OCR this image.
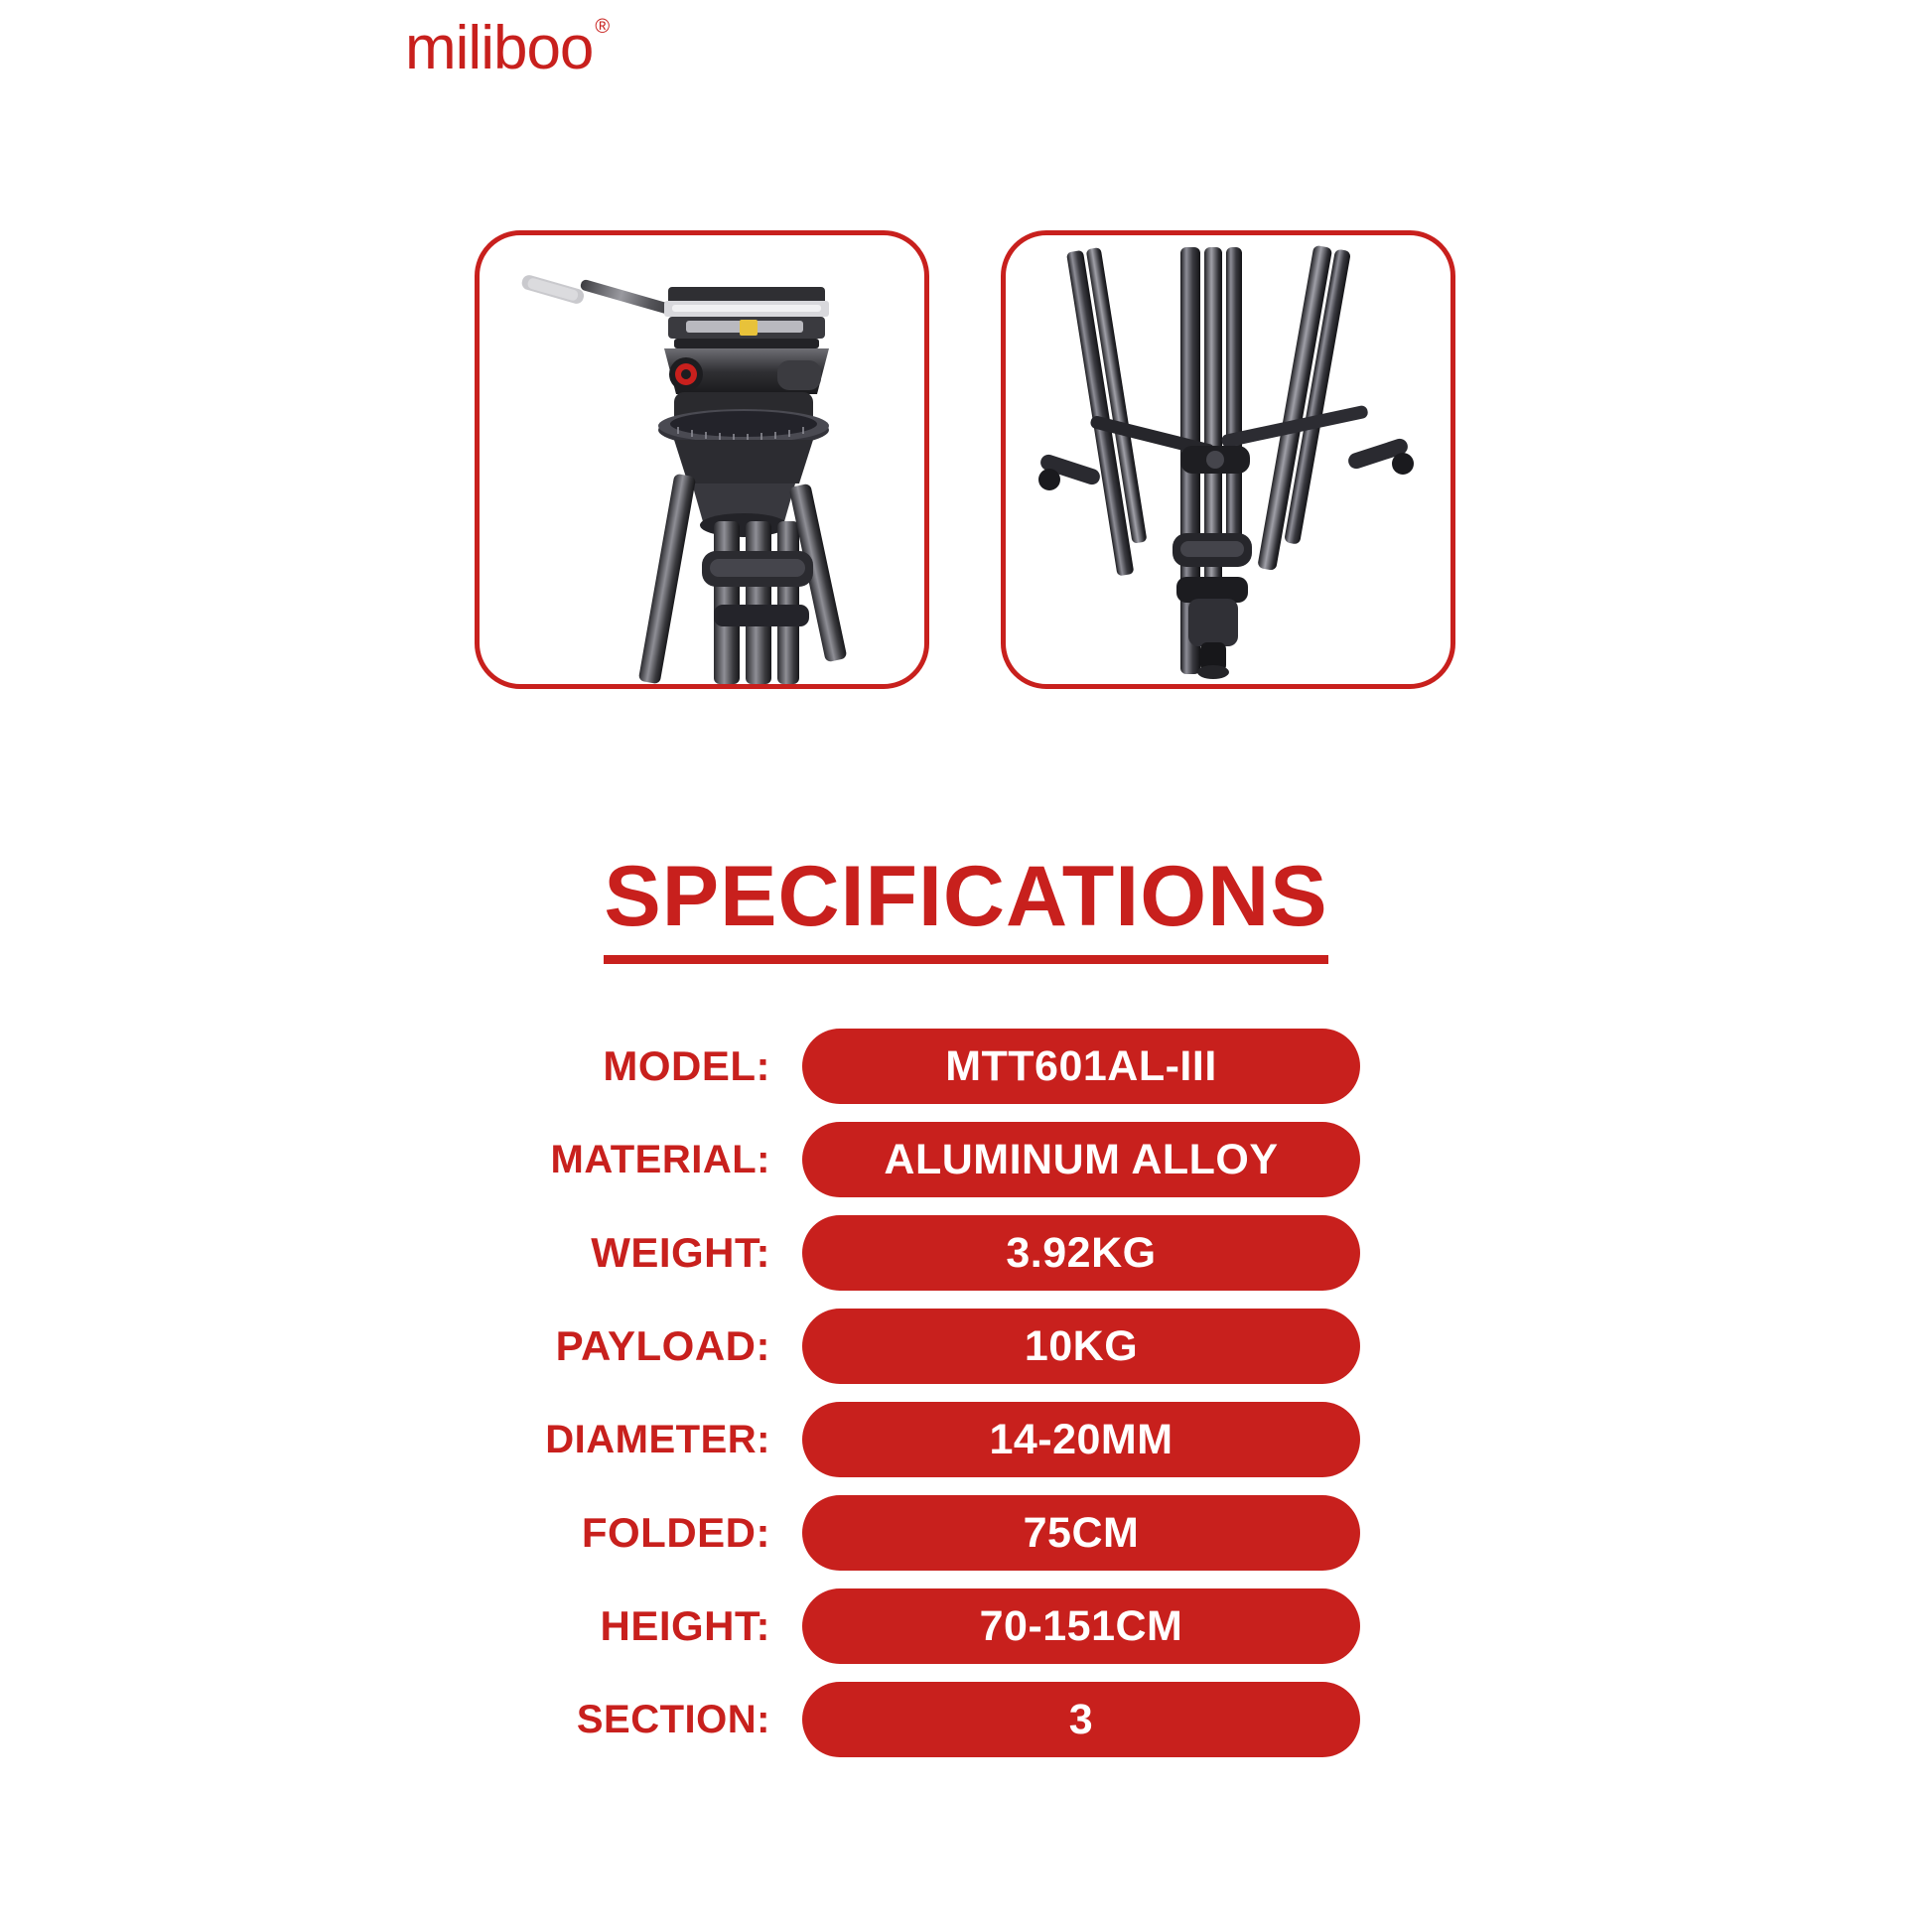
miliboo ®
SPECIFICATIONS
MODEL:	MTT601AL-III
MATERIAL:	ALUMINUM ALLOY
WEIGHT:	3.92KG
PAYLOAD:	10KG
DIAMETER:	14-20MM
FOLDED:	75CM
HEIGHT:	70-151CM
SECTION:	3
